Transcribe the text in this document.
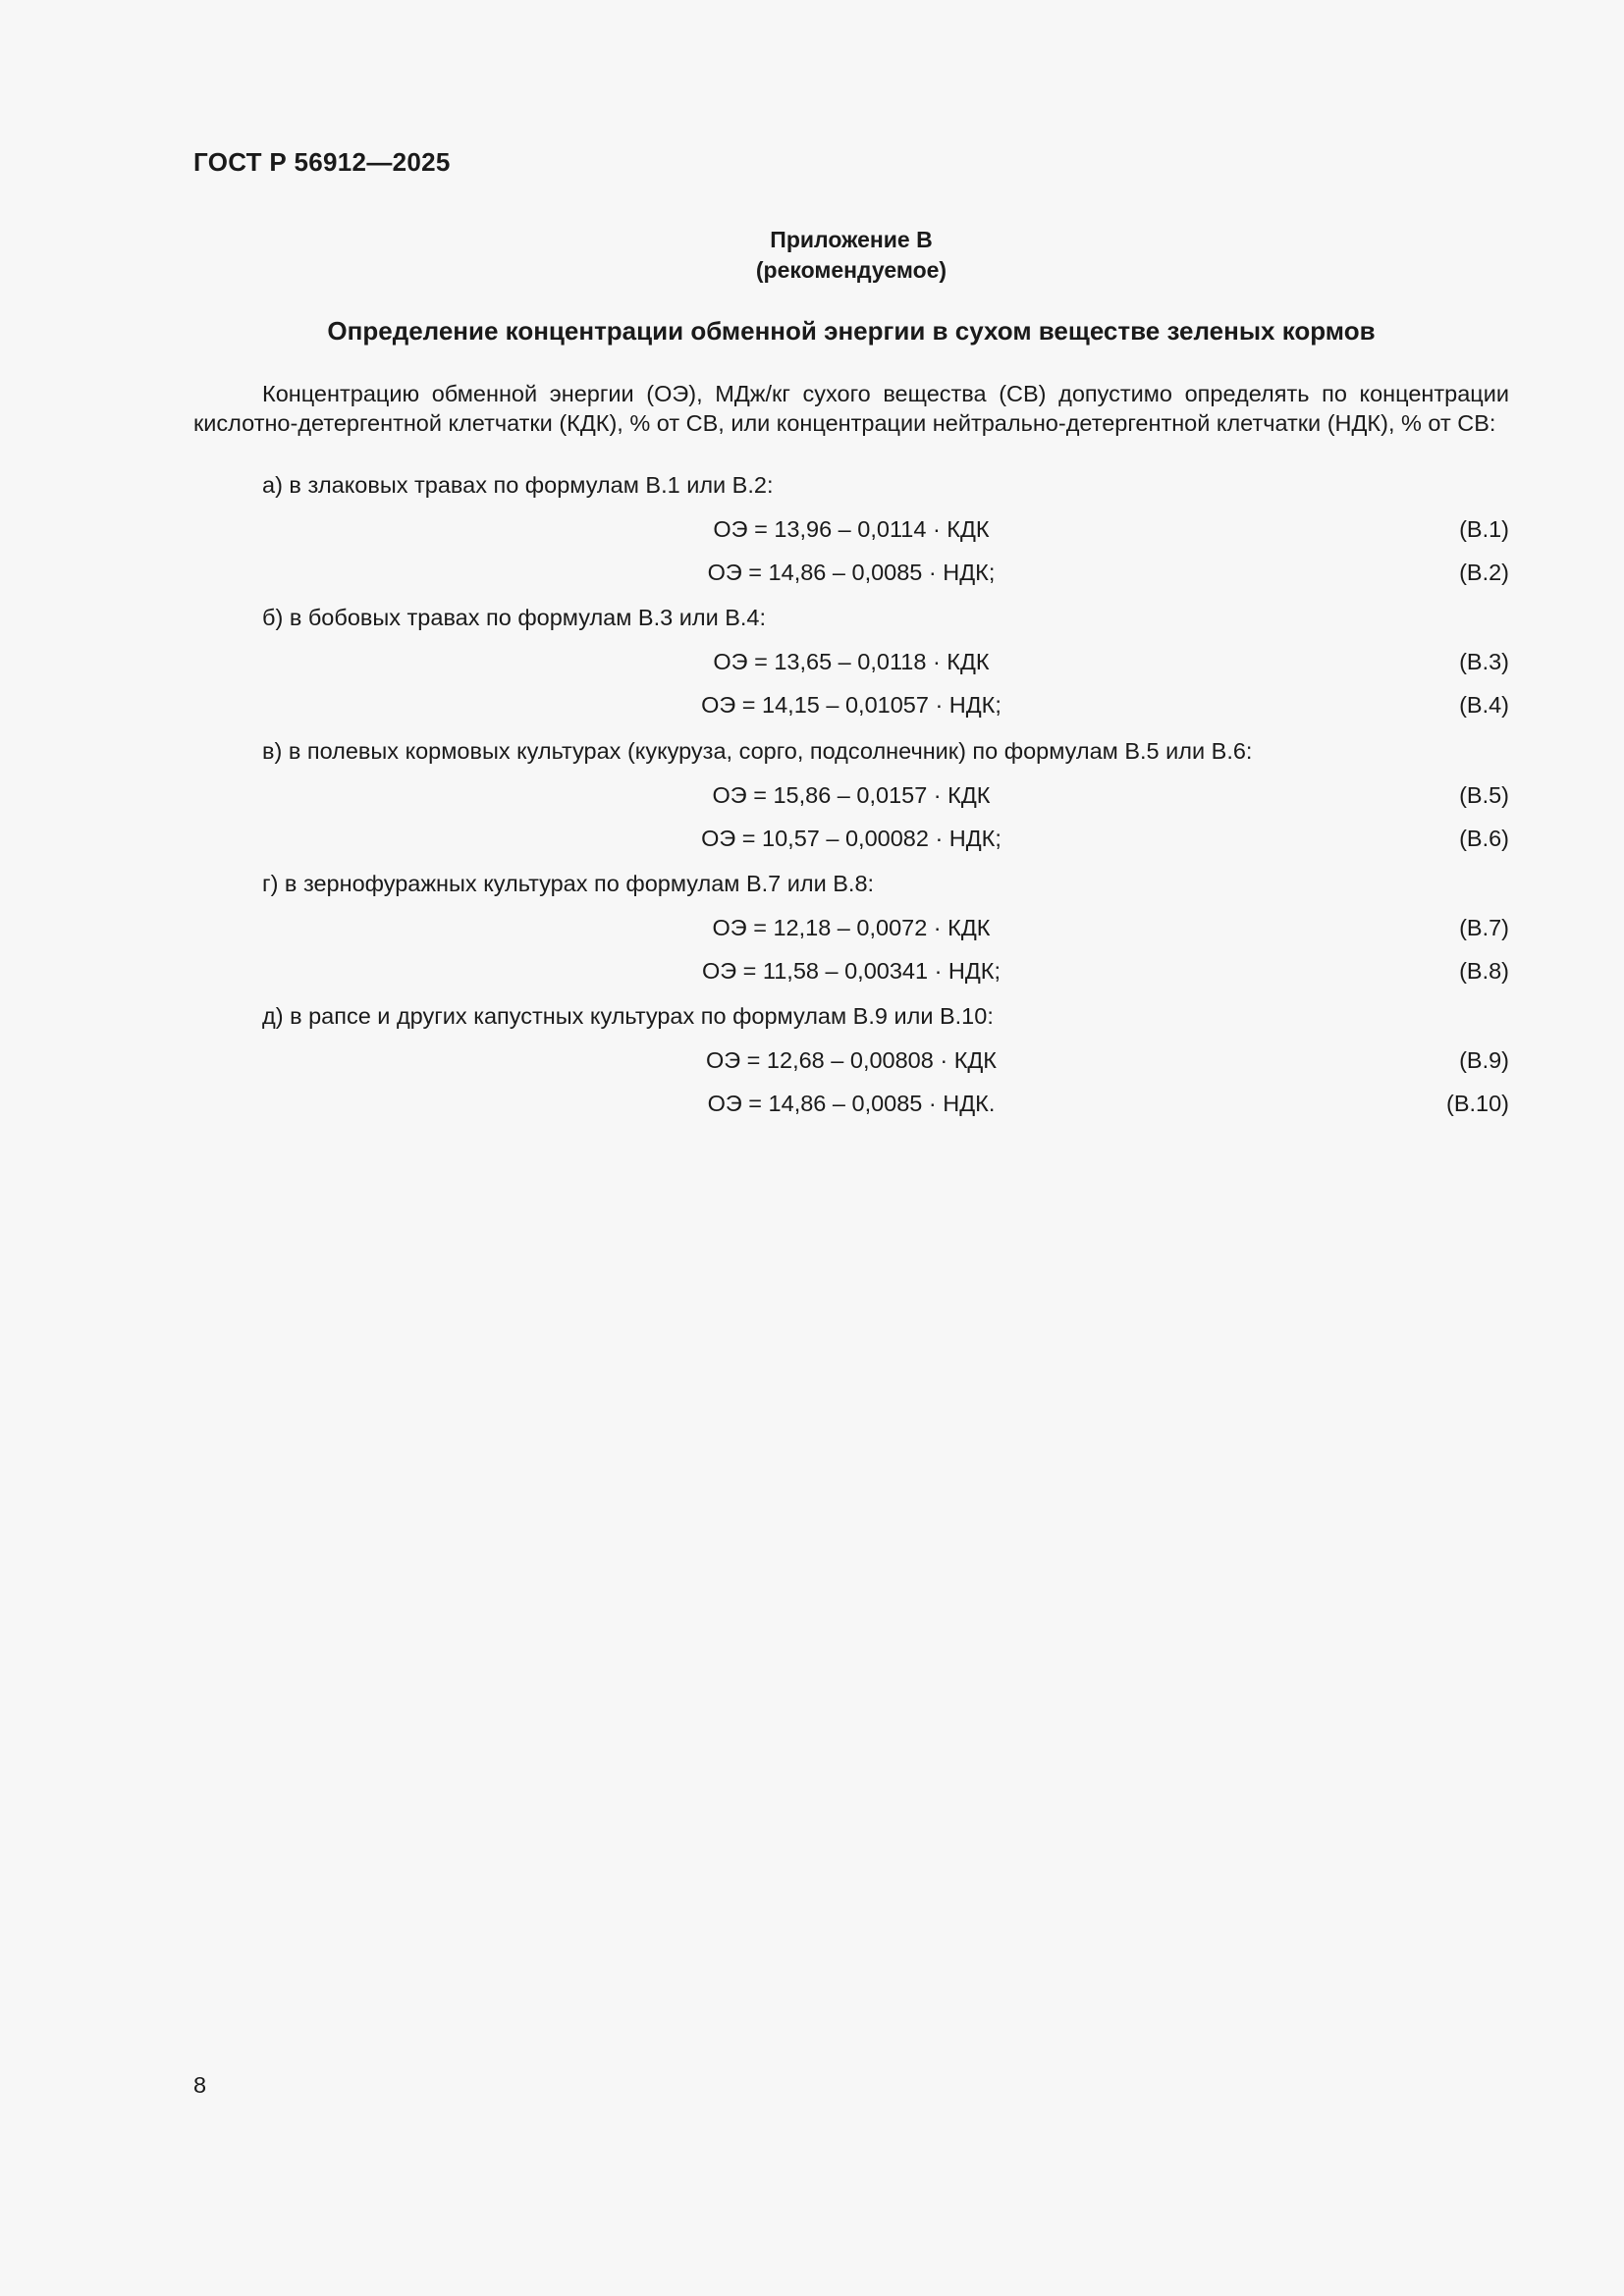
ГОСТ Р 56912—2025
Приложение В
(рекомендуемое)
Определение концентрации обменной энергии в сухом веществе зеленых кормов

Концентрацию обменной энергии (ОЭ), МДж/кг сухого вещества (СВ) допустимо определять по концентрации кислотно-детергентной клетчатки (КДК), % от СВ, или концентрации нейтрально-детергентной клетчатки (НДК), % от СВ:

а) в злаковых травах по формулам В.1 или В.2:
ОЭ = 13,96 – 0,0114 · КДК	(В.1)
ОЭ = 14,86 – 0,0085 · НДК;	(В.2)
б) в бобовых травах по формулам В.3 или В.4:
ОЭ = 13,65 – 0,0118 · КДК	(В.3)
ОЭ = 14,15 – 0,01057 · НДК;	(В.4)
в) в полевых кормовых культурах (кукуруза, сорго, подсолнечник) по формулам В.5 или В.6:
ОЭ = 15,86 – 0,0157 · КДК	(В.5)
ОЭ = 10,57 – 0,00082 · НДК;	(В.6)
г) в зернофуражных культурах по формулам В.7 или В.8:
ОЭ = 12,18 – 0,0072 · КДК	(В.7)
ОЭ = 11,58 – 0,00341 · НДК;	(В.8)
д) в рапсе и других капустных культурах по формулам В.9 или В.10:
ОЭ = 12,68 – 0,00808 · КДК	(В.9)
ОЭ = 14,86 – 0,0085 · НДК.	(В.10)
8
